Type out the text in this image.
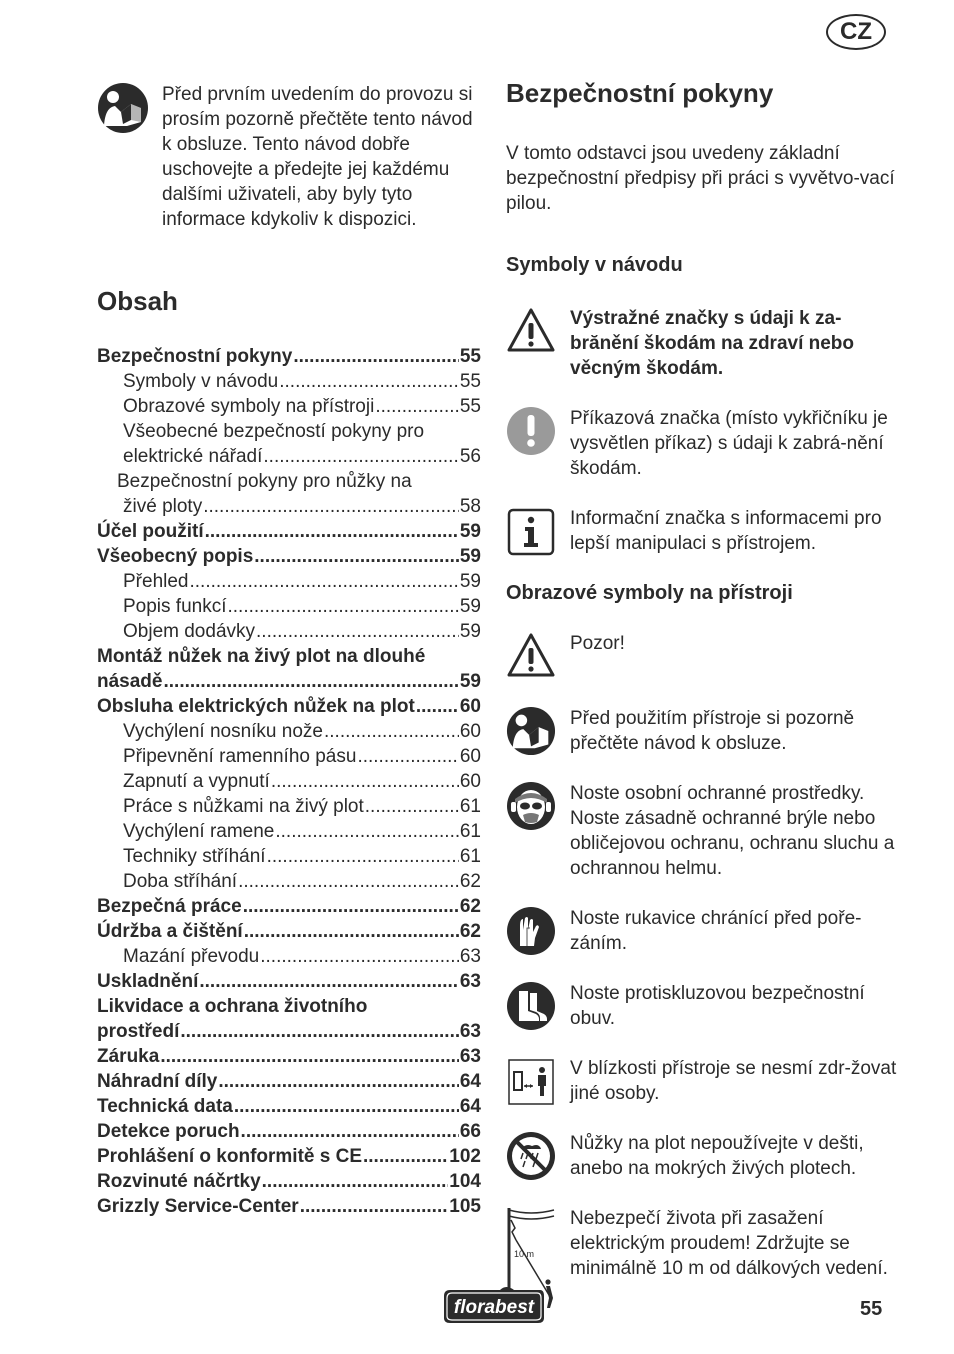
CZ

Před prvním uvedením do provozu si prosím pozorně přečtěte tento návod k obsluze. Tento návod dobře uschovejte a předejte jej každému dalšími uživateli, aby byly tyto informace kdykoliv k dispozici.

Obsah
Bezpečnostní pokyny .....	55
Symboly v návodu .....	55
Obrazové symboly na přístroji .....	55
Všeobecné bezpečností pokyny pro
elektrické nářadí .....	56
Bezpečnostní pokyny pro nůžky na
živé ploty .....	58
Účel použití .....	59
Všeobecný popis .....	59
Přehled .....	59
Popis funkcí .....	59
Objem dodávky .....	59
Montáž nůžek na živý plot na dlouhé
násadě .....	59
Obsluha elektrických nůžek na plot ..... 60
Vychýlení nosníku nože .....	60
Připevnění ramenního pásu .....	60
Zapnutí a vypnutí .....	60
Práce s nůžkami na živý plot .....	61
Vychýlení ramene .....	61
Techniky stříhání .....	61
Doba stříhání .....	62
Bezpečná práce .....	62
Údržba a čištění .....	62
Mazání převodu .....	63
Uskladnění .....	63
Likvidace a ochrana životního
prostředí .....	63
Záruka .....	63
Náhradní díly .....	64
Technická data .....	64
Detekce poruch .....	66
Prohlášení o konformitě s CE .....	102
Rozvinuté náčrtky .....	104
Grizzly Service-Center .....	105
Bezpečnostní pokyny

V tomto odstavci jsou uvedeny základní bezpečnostní předpisy při práci s vyvětvo-vací pilou.

Symboly v návodu

Výstražné značky s údaji k za-brănění škodám na zdraví nebo věcným škodám.

Příkazová značka (místo vykřičníku je vysvětlen příkaz) s údaji k zabrá-nění škodám.

Informační značka s informacemi pro lepší manipulaci s přístrojem.

Obrazové symboly na přístroji

Pozor!

Před použitím přístroje si pozorně přečtěte návod k obsluze.

Noste osobní ochranné prostředky. Noste zásadně ochranné brýle nebo obličejovou ochranu, ochranu sluchu a ochrannou helmu.

Noste rukavice chránící před poře-záním.

Noste protiskluzovou bezpečnostní obuv.

V blízkosti přístroje se nesmí zdr-žovat jiné osoby.

Nůžky na plot nepoužívejte v dešti, anebo na mokrých živých plotech.

10 m

Nebezpečí života při zasažení elektrickým proudem! Zdržujte se minimálně 10 m od dálkových vedení.

florabest	55
